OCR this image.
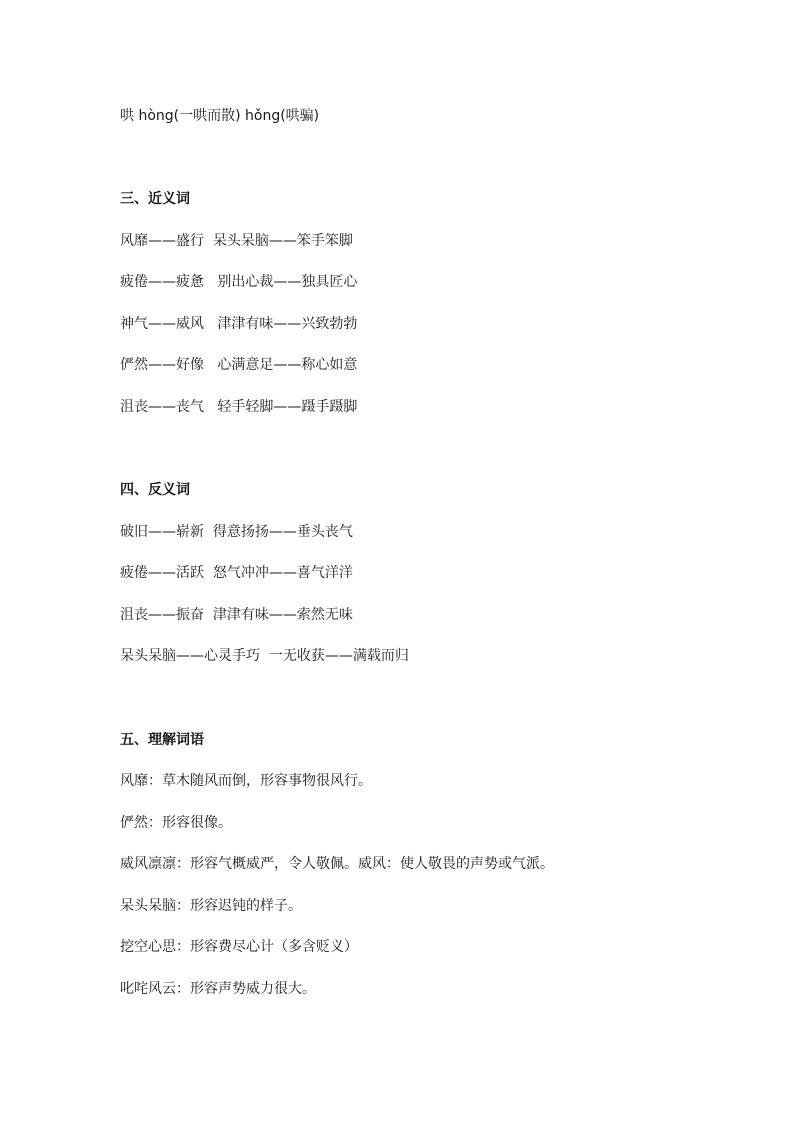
哄 hòng(一哄而散) hǒng(哄骗)
三、近义词
风靡——盛行  呆头呆脑——笨手笨脚
疲倦——疲惫   别出心裁——独具匠心
神气——威风   津津有味——兴致勃勃
俨然——好像   心满意足——称心如意
沮丧——丧气   轻手轻脚——蹑手蹑脚
四、反义词
破旧——崭新  得意扬扬——垂头丧气
疲倦——活跃  怒气冲冲——喜气洋洋
沮丧——振奋  津津有味——索然无味
呆头呆脑——心灵手巧  一无收获——满载而归
五、理解词语
风靡：草木随风而倒，形容事物很风行。
俨然：形容很像。
威风凛凛：形容气概威严，令人敬佩。威风：使人敬畏的声势或气派。
呆头呆脑：形容迟钝的样子。
挖空心思：形容费尽心计（多含贬义）
叱咤风云：形容声势威力很大。
